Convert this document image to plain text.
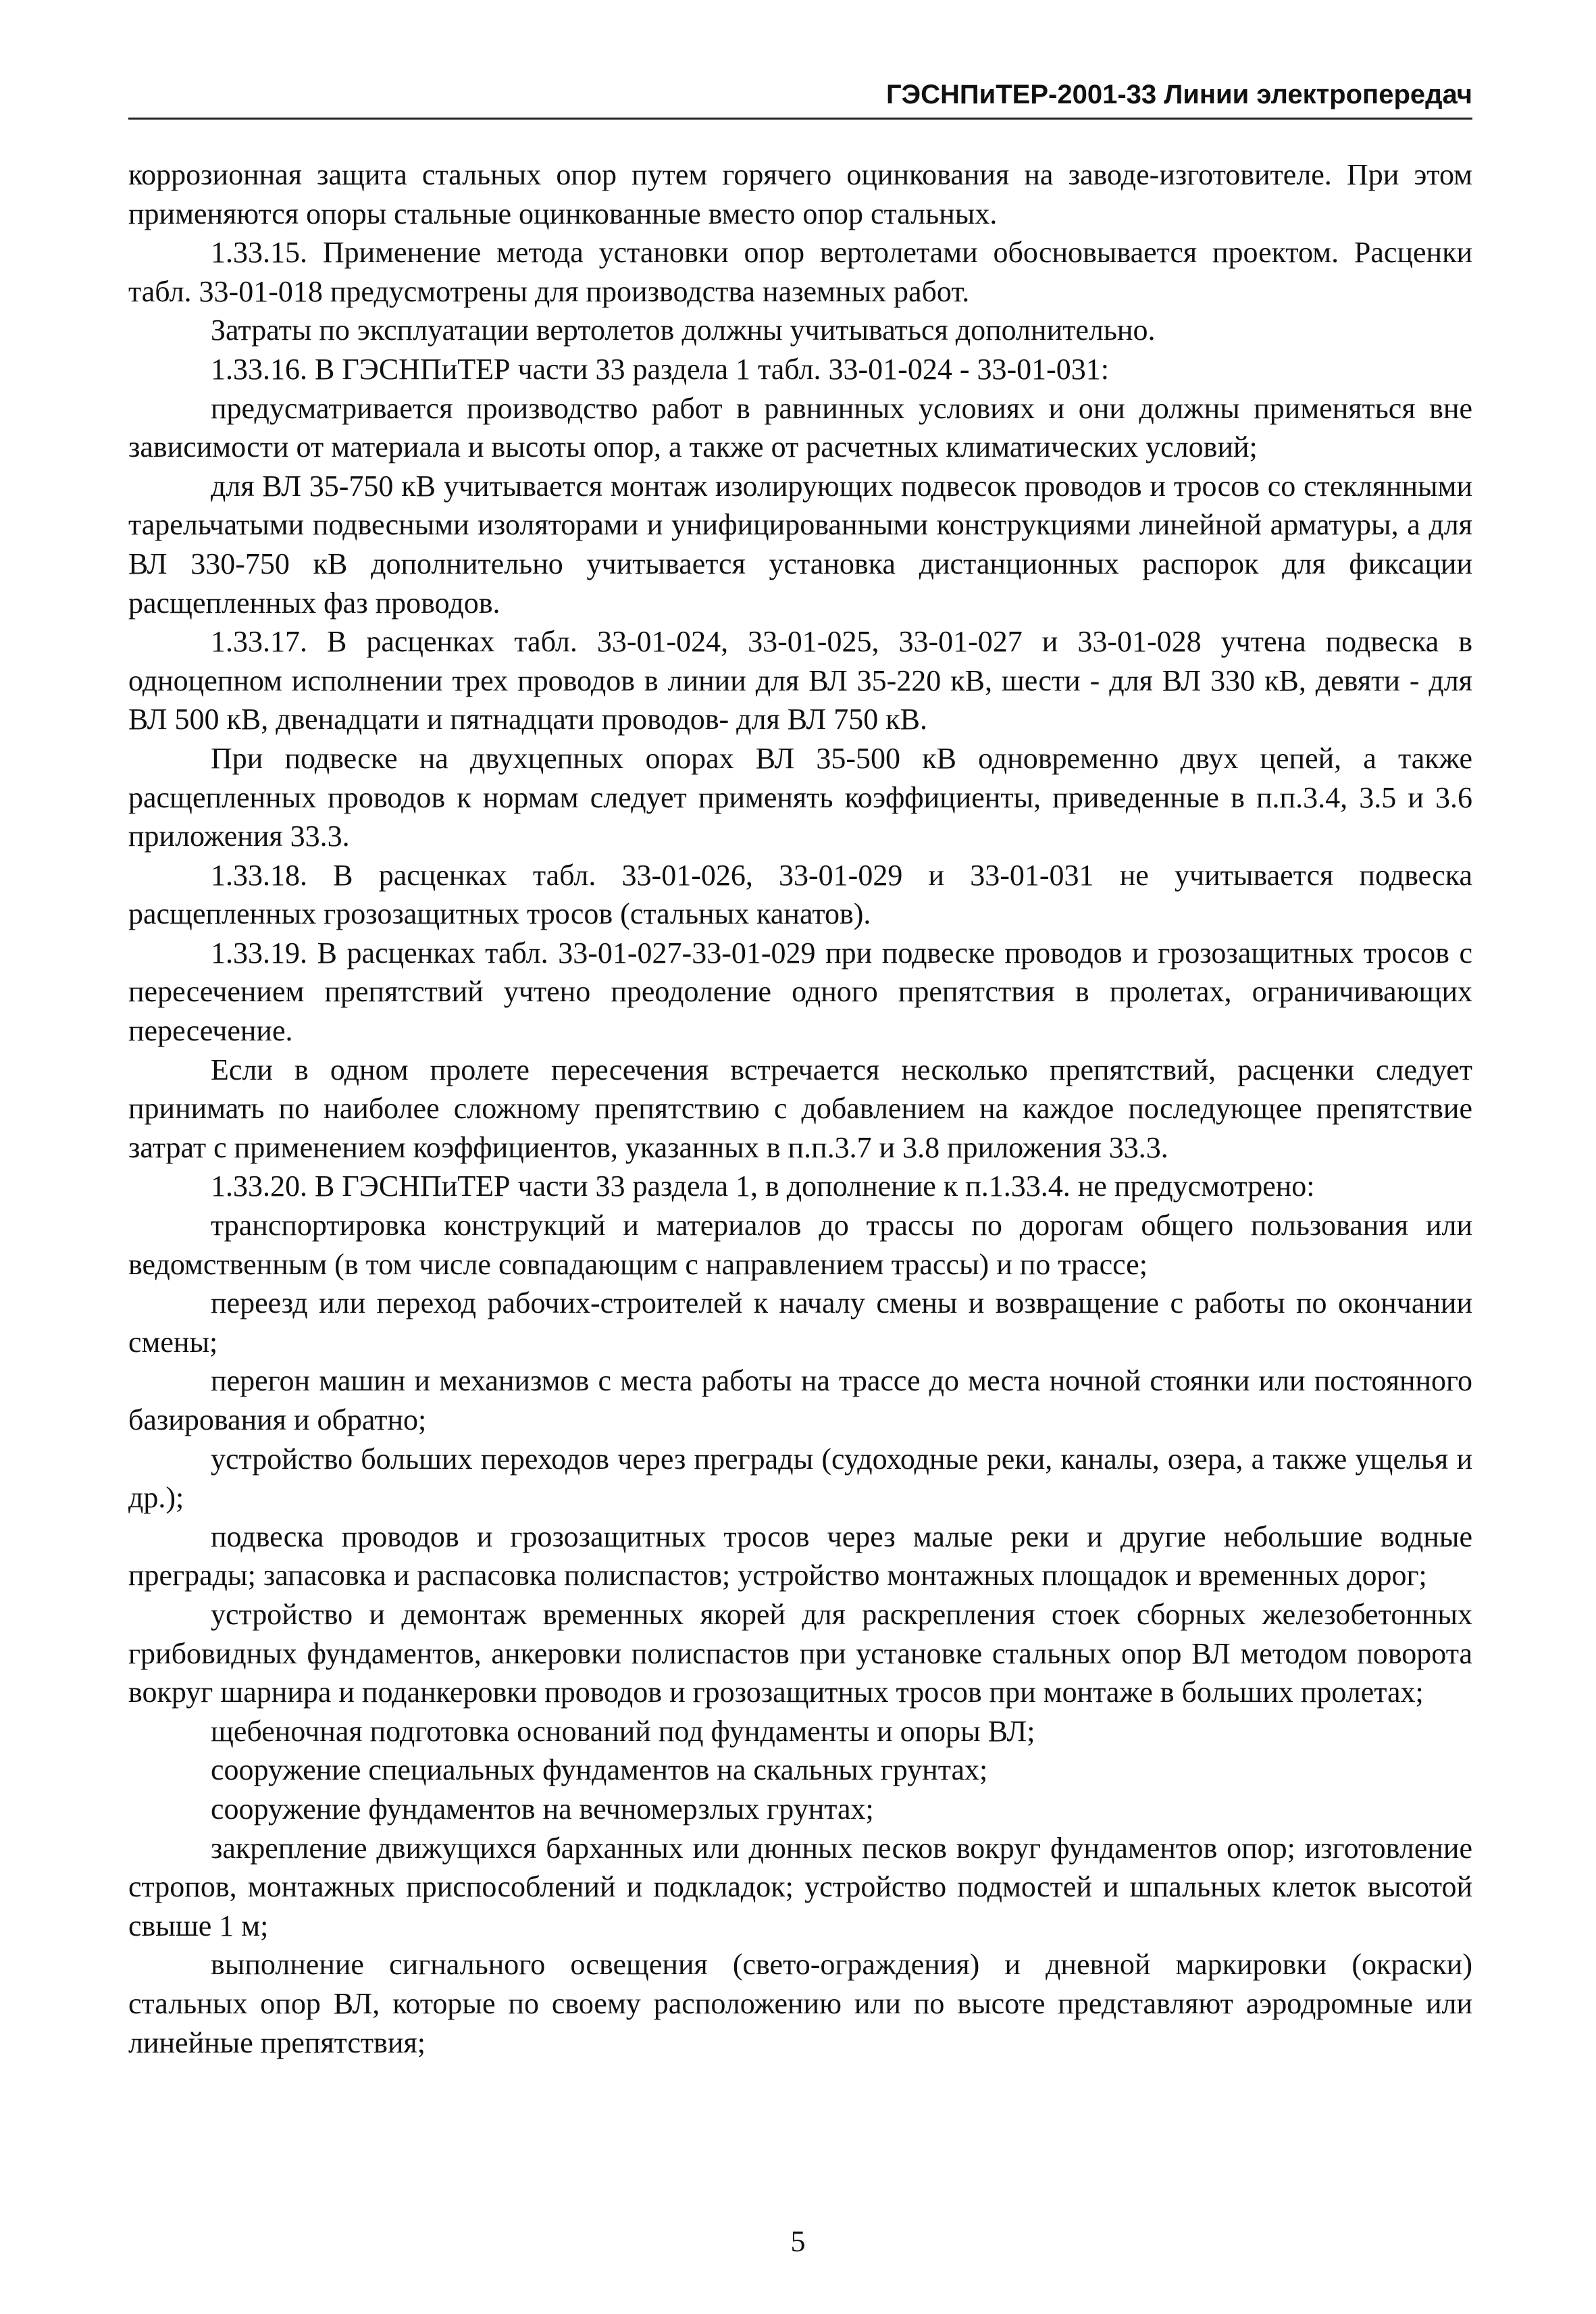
ГЭСНПиТЕР-2001-33 Линии электропередач

коррозионная защита стальных опор путем горячего оцинкования на заводе-изготовителе. При этом применяются опоры стальные оцинкованные вместо опор стальных.

1.33.15. Применение метода установки опор вертолетами обосновывается проектом. Расценки табл. 33-01-018 предусмотрены для производства наземных работ.

Затраты по эксплуатации вертолетов должны учитываться дополнительно.

1.33.16. В ГЭСНПиТЕР части 33 раздела 1 табл. 33-01-024 - 33-01-031:

предусматривается производство работ в равнинных условиях и они должны применяться вне зависимости от материала и высоты опор, а также от расчетных климатических условий;

для ВЛ 35-750 кВ учитывается монтаж изолирующих подвесок проводов и тросов со стеклянными тарельчатыми подвесными изоляторами и унифицированными конструкциями линейной арматуры, а для ВЛ 330-750 кВ дополнительно учитывается установка дистанционных распорок для фиксации расщепленных фаз проводов.

1.33.17. В расценках табл. 33-01-024, 33-01-025, 33-01-027 и 33-01-028 учтена подвеска в одноцепном исполнении трех проводов в линии для ВЛ 35-220 кВ, шести - для ВЛ 330 кВ, девяти - для ВЛ 500 кВ, двенадцати и пятнадцати проводов- для ВЛ 750 кВ.

При подвеске на двухцепных опорах ВЛ 35-500 кВ одновременно двух цепей, а также расщепленных проводов к нормам следует применять коэффициенты, приведенные в п.п.3.4, 3.5 и 3.6 приложения 33.3.

1.33.18. В расценках табл. 33-01-026, 33-01-029 и 33-01-031 не учитывается подвеска расщепленных грозозащитных тросов (стальных канатов).

1.33.19. В расценках табл. 33-01-027-33-01-029 при подвеске проводов и грозозащитных тросов с пересечением препятствий учтено преодоление одного препятствия в пролетах, ограничивающих пересечение.

Если в одном пролете пересечения встречается несколько препятствий, расценки следует принимать по наиболее сложному препятствию с добавлением на каждое последующее препятствие затрат с применением коэффициентов, указанных в п.п.3.7 и 3.8 приложения 33.3.

1.33.20. В ГЭСНПиТЕР части 33 раздела 1, в дополнение к п.1.33.4. не предусмотрено:

транспортировка конструкций и материалов до трассы по дорогам общего пользования или ведомственным (в том числе совпадающим с направлением трассы) и по трассе;

переезд или переход рабочих-строителей к началу смены и возвращение с работы по окончании смены;

перегон машин и механизмов с места работы на трассе до места ночной стоянки или постоянного базирования и обратно;

устройство больших переходов через преграды (судоходные реки, каналы, озера, а также ущелья и др.);

подвеска проводов и грозозащитных тросов через малые реки и другие небольшие водные преграды; запасовка и распасовка полиспастов; устройство монтажных площадок и временных дорог;

устройство и демонтаж временных якорей для раскрепления стоек сборных железобетонных грибовидных фундаментов, анкеровки полиспастов при установке стальных опор ВЛ методом поворота вокруг шарнира и поданкеровки проводов и грозозащитных тросов при монтаже в больших пролетах;

щебеночная подготовка оснований под фундаменты и опоры ВЛ;

сооружение специальных фундаментов на скальных грунтах;

сооружение фундаментов на вечномерзлых грунтах;

закрепление движущихся барханных или дюнных песков вокруг фундаментов опор; изготовление стропов, монтажных приспособлений и подкладок; устройство подмостей и шпальных клеток высотой свыше 1 м;

выполнение сигнального освещения (свето-ограждения) и дневной маркировки (окраски) стальных опор ВЛ, которые по своему расположению или по высоте представляют аэродромные или линейные препятствия;

5
